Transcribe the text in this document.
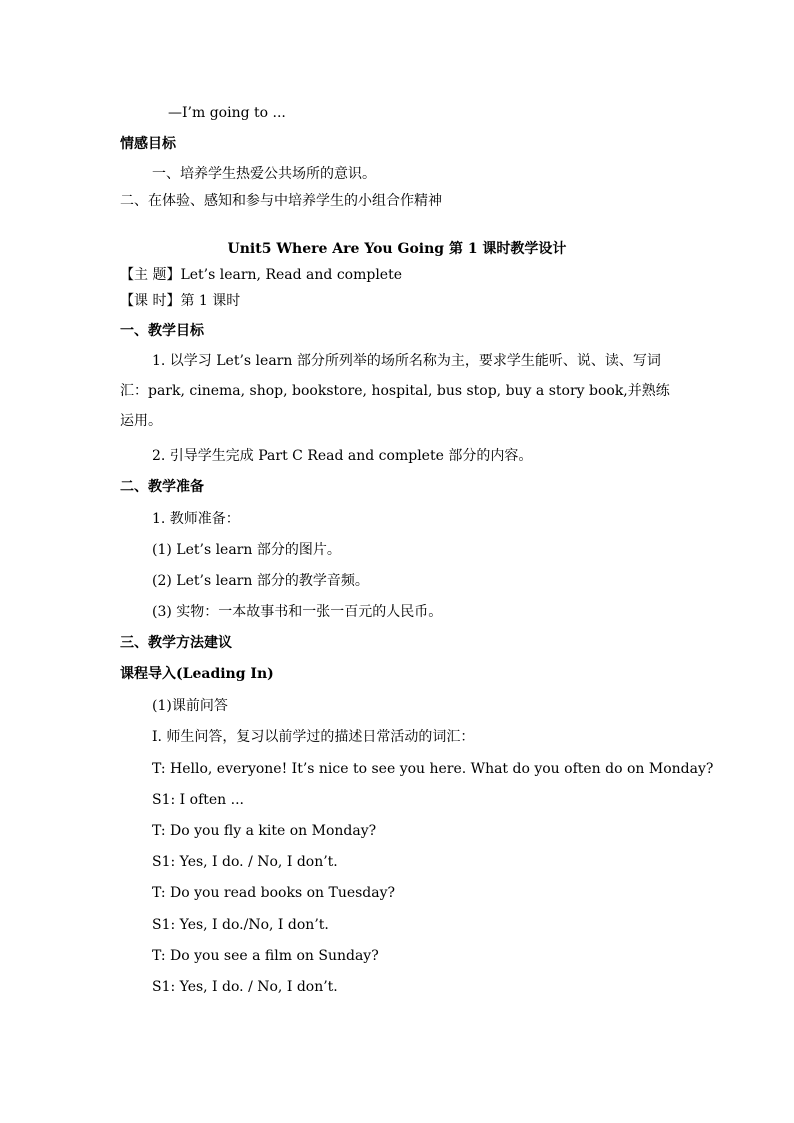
—I’m going to ...
情感目标
一、培养学生热爱公共场所的意识。
二、在体验、感知和参与中培养学生的小组合作精神
Unit5 Where Are You Going 第 1 课时教学设计
【主 题】Let’s learn, Read and complete
【课 时】第 1 课时
一、教学目标
1. 以学习 Let’s learn 部分所列举的场所名称为主，要求学生能听、说、读、写词汇：park, cinema, shop, bookstore, hospital, bus stop, buy a story book,并熟练运用。
2. 引导学生完成 Part C Read and complete 部分的内容。
二、教学准备
1. 教师准备：
(1) Let’s learn 部分的图片。
(2) Let’s learn 部分的教学音频。
(3) 实物：一本故事书和一张一百元的人民币。
三、教学方法建议
课程导入(Leading In)
(1)课前问答
I. 师生问答，复习以前学过的描述日常活动的词汇：
T: Hello, everyone! It’s nice to see you here. What do you often do on Monday?
S1: I often ...
T: Do you fly a kite on Monday?
S1: Yes, I do. / No, I don’t.
T: Do you read books on Tuesday?
S1: Yes, I do./No, I don’t.
T: Do you see a film on Sunday?
S1: Yes, I do. / No, I don’t.
